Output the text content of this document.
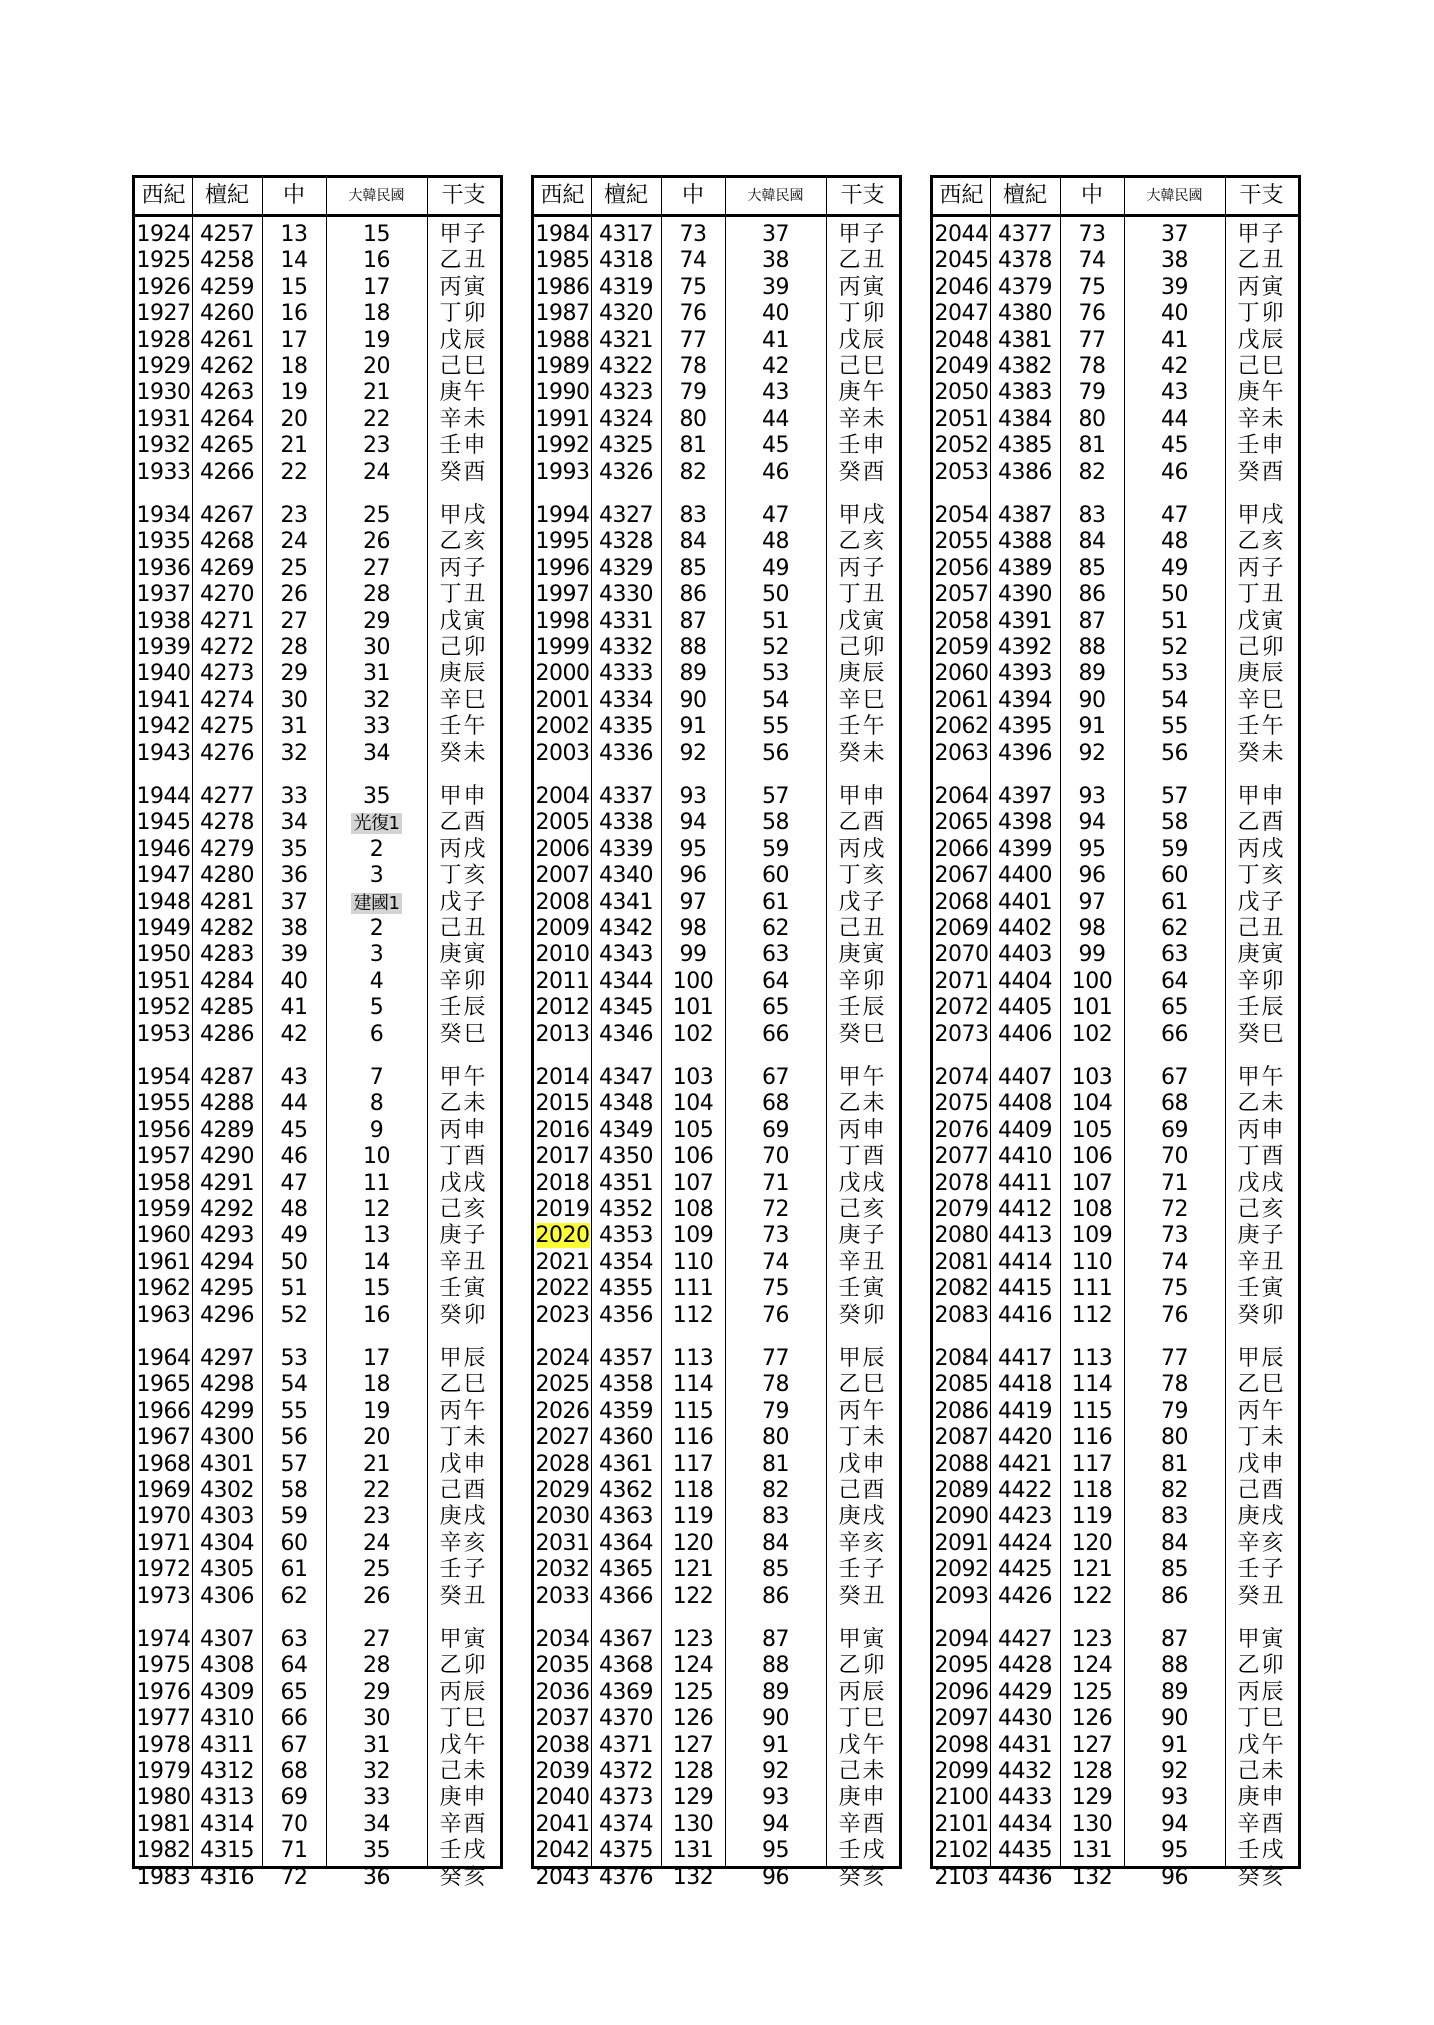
西紀 檀紀	中	大韓民國	干支
1924 4257	13	15	甲子
1925 4258	14	16	乙丑
1926 4259	15	17	丙寅
1927 4260	16	18	丁卯
1928 4261	17	19	戊辰
1929 4262	18	20	己巳
1930 4263	19	21	庚午
1931 4264	20	22	辛未
1932 4265	21	23	壬申
1933 4266	22	24	癸酉
1934 4267	23	25	甲戌
1935 4268	24	26	乙亥
1936 4269	25	27	丙子
1937 4270	26	28	丁丑
1938 4271	27	29	戊寅
1939 4272	28	30	己卯
1940 4273	29	31	庚辰
1941 4274	30	32	辛巳
1942 4275	31	33	壬午
1943 4276	32	34	癸未
1944 4277	33	35	甲申
1945 4278	34	光復1	乙酉
1946 4279	35	2	丙戌
1947 4280	36	3	丁亥
1948 4281	37	建國1	戊子
1949 4282	38	2	己丑
1950 4283	39	3	庚寅
1951 4284	40	4	辛卯
1952 4285	41	5	壬辰
1953 4286	42	6	癸巳
1954 4287	43	7	甲午
1955 4288	44	8	乙未
1956 4289	45	9	丙申
1957 4290	46	10	丁酉
1958 4291	47	11	戊戌
1959 4292	48	12	己亥
1960 4293	49	13	庚子
1961 4294	50	14	辛丑
1962 4295	51	15	壬寅
1963 4296	52	16	癸卯
1964 4297	53	17	甲辰
1965 4298	54	18	乙巳
1966 4299	55	19	丙午
1967 4300	56	20	丁未
1968 4301	57	21	戊申
1969 4302	58	22	己酉
1970 4303	59	23	庚戌
1971 4304	60	24	辛亥
1972 4305	61	25	壬子
1973 4306	62	26	癸丑
1974 4307	63	27	甲寅
1975 4308	64	28	乙卯
1976 4309	65	29	丙辰
1977 4310	66	30	丁巳
1978 4311	67	31	戊午
1979 4312	68	32	己未
1980 4313	69	33	庚申
1981 4314	70	34	辛酉
1982 4315	71	35	壬戌
1983 4316	72	36	癸亥
西紀 檀紀	中	大韓民國	干支
1984 4317	73	37	甲子
1985 4318	74	38	乙丑
1986 4319	75	39	丙寅
1987 4320	76	40	丁卯
1988 4321	77	41	戊辰
1989 4322	78	42	己巳
1990 4323	79	43	庚午
1991 4324	80	44	辛未
1992 4325	81	45	壬申
1993 4326	82	46	癸酉
1994 4327	83	47	甲戌
1995 4328	84	48	乙亥
1996 4329	85	49	丙子
1997 4330	86	50	丁丑
1998 4331	87	51	戊寅
1999 4332	88	52	己卯
2000 4333	89	53	庚辰
2001 4334	90	54	辛巳
2002 4335	91	55	壬午
2003 4336	92	56	癸未
2004 4337	93	57	甲申
2005 4338	94	58	乙酉
2006 4339	95	59	丙戌
2007 4340	96	60	丁亥
2008 4341	97	61	戊子
2009 4342	98	62	己丑
2010 4343	99	63	庚寅
2011 4344 100	64	辛卯
2012 4345 101	65	壬辰
2013 4346 102	66	癸巳
2014 4347 103	67	甲午
2015 4348 104	68	乙未
2016 4349 105	69	丙申
2017 4350 106	70	丁酉
2018 4351 107	71	戊戌
2019 4352 108	72	己亥
2020 4353 109	73	庚子
2021 4354 110	74	辛丑
2022 4355 111	75	壬寅
2023 4356 112	76	癸卯
2024 4357 113	77	甲辰
2025 4358 114	78	乙巳
2026 4359 115	79	丙午
2027 4360 116	80	丁未
2028 4361 117	81	戊申
2029 4362 118	82	己酉
2030 4363 119	83	庚戌
2031 4364 120	84	辛亥
2032 4365 121	85	壬子
2033 4366 122	86	癸丑
2034 4367 123	87	甲寅
2035 4368 124	88	乙卯
2036 4369 125	89	丙辰
2037 4370 126	90	丁巳
2038 4371 127	91	戊午
2039 4372 128	92	己未
2040 4373 129	93	庚申
2041 4374 130	94	辛酉
2042 4375 131	95	壬戌
2043 4376 132	96	癸亥
西紀 檀紀	中	大韓民國	干支
2044 4377	73	37	甲子
2045 4378	74	38	乙丑
2046 4379	75	39	丙寅
2047 4380	76	40	丁卯
2048 4381	77	41	戊辰
2049 4382	78	42	己巳
2050 4383	79	43	庚午
2051 4384	80	44	辛未
2052 4385	81	45	壬申
2053 4386	82	46	癸酉
2054 4387	83	47	甲戌
2055 4388	84	48	乙亥
2056 4389	85	49	丙子
2057 4390	86	50	丁丑
2058 4391	87	51	戊寅
2059 4392	88	52	己卯
2060 4393	89	53	庚辰
2061 4394	90	54	辛巳
2062 4395	91	55	壬午
2063 4396	92	56	癸未
2064 4397	93	57	甲申
2065 4398	94	58	乙酉
2066 4399	95	59	丙戌
2067 4400	96	60	丁亥
2068 4401	97	61	戊子
2069 4402	98	62	己丑
2070 4403	99	63	庚寅
2071 4404 100	64	辛卯
2072 4405 101	65	壬辰
2073 4406 102	66	癸巳
2074 4407 103	67	甲午
2075 4408 104	68	乙未
2076 4409 105	69	丙申
2077 4410 106	70	丁酉
2078 4411 107	71	戊戌
2079 4412 108	72	己亥
2080 4413 109	73	庚子
2081 4414 110	74	辛丑
2082 4415 111	75	壬寅
2083 4416 112	76	癸卯
2084 4417 113	77	甲辰
2085 4418 114	78	乙巳
2086 4419 115	79	丙午
2087 4420 116	80	丁未
2088 4421 117	81	戊申
2089 4422 118	82	己酉
2090 4423 119	83	庚戌
2091 4424 120	84	辛亥
2092 4425 121	85	壬子
2093 4426 122	86	癸丑
2094 4427 123	87	甲寅
2095 4428 124	88	乙卯
2096 4429 125	89	丙辰
2097 4430 126	90	丁巳
2098 4431 127	91	戊午
2099 4432 128	92	己未
2100 4433 129	93	庚申
2101 4434 130	94	辛酉
2102 4435 131	95	壬戌
2103 4436 132	96	癸亥
